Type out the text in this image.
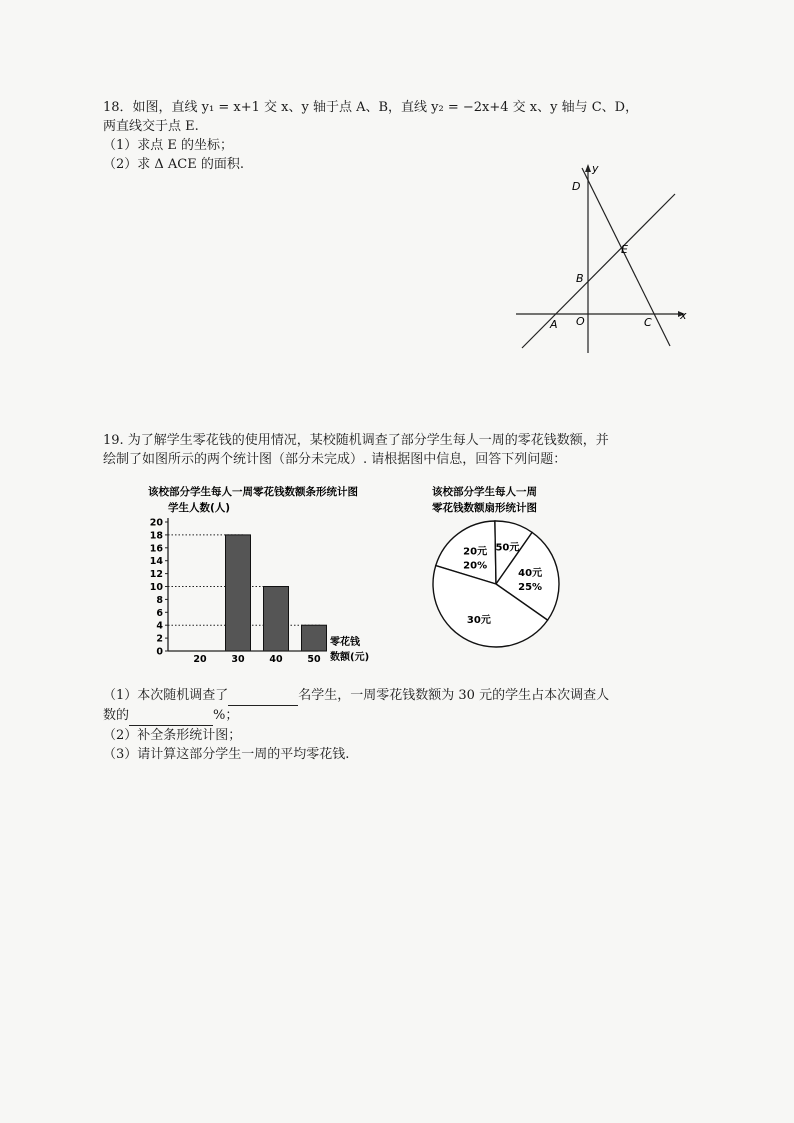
18．如图，直线 y₁ = x+1 交 x、y 轴于点 A、B，直线 y₂ = −2x+4 交 x、y 轴与 C、D，
两直线交于点 E.
（1）求点 E 的坐标；
（2）求 Δ ACE 的面积.	y
x
D
E
B
A O	C
19. 为了解学生零花钱的使用情况，某校随机调查了部分学生每人一周的零花钱数额，并
绘制了如图所示的两个统计图（部分未完成）. 请根据图中信息，回答下列问题：
该校部分学生每人一周零花钱数额条形统计图
学生人数(人)
0
2
4
6
8
10
12
14
16
18
20
20	30	40	50
零花钱
数额(元)
该校部分学生每人一周
零花钱数额扇形统计图
20元
20%
50元
40元
25%
30元
（1）本次随机调查了	名学生，一周零花钱数额为 30 元的学生占本次调查人
数的	%；
（2）补全条形统计图；
（3）请计算这部分学生一周的平均零花钱.
